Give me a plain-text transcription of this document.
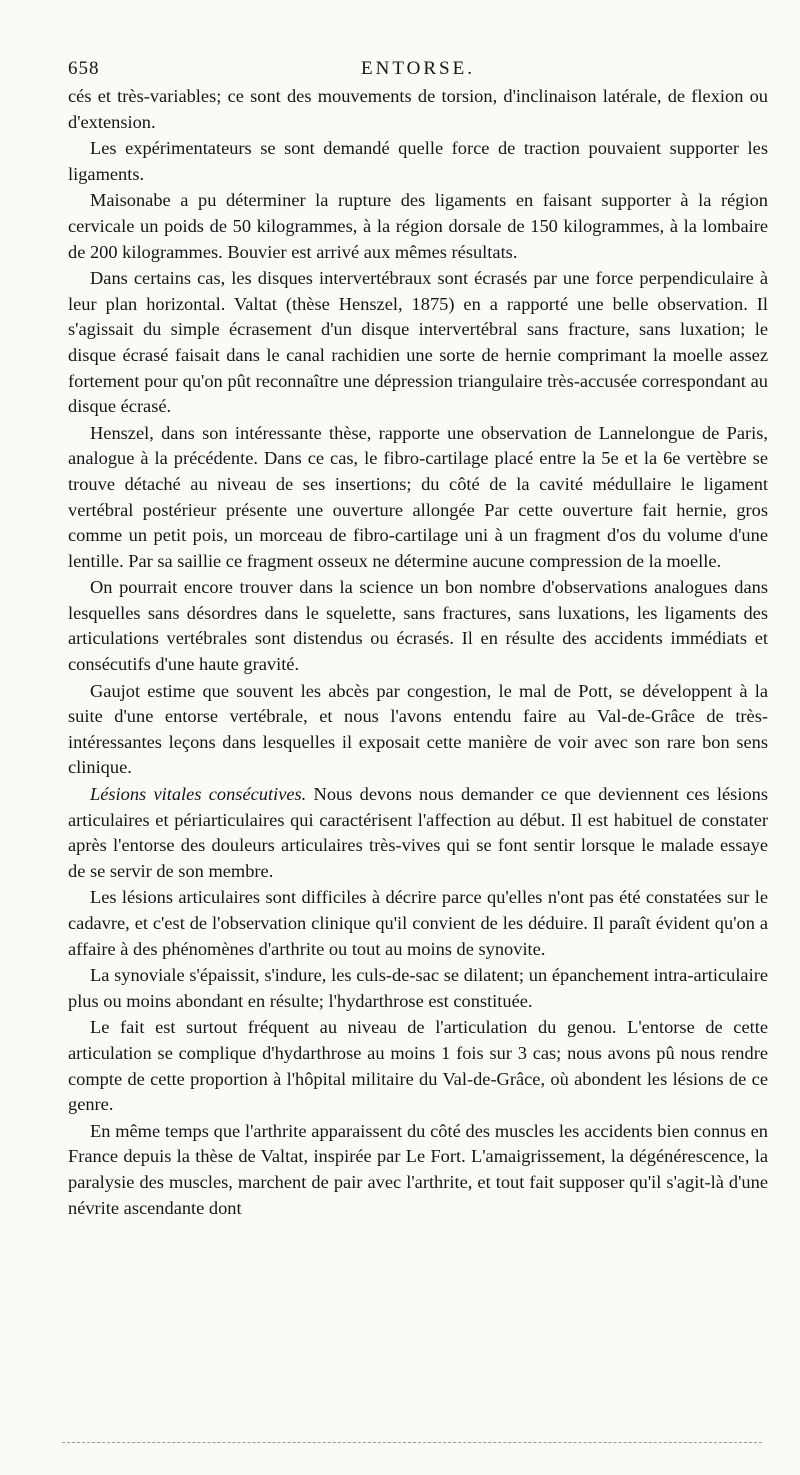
658	ENTORSE.

cés et très-variables; ce sont des mouvements de torsion, d'inclinaison latérale, de flexion ou d'extension.

Les expérimentateurs se sont demandé quelle force de traction pouvaient supporter les ligaments.

Maisonabe a pu déterminer la rupture des ligaments en faisant supporter à la région cervicale un poids de 50 kilogrammes, à la région dorsale de 150 kilogrammes, à la lombaire de 200 kilogrammes. Bouvier est arrivé aux mêmes résultats.

Dans certains cas, les disques intervertébraux sont écrasés par une force perpendiculaire à leur plan horizontal. Valtat (thèse Henszel, 1875) en a rapporté une belle observation. Il s'agissait du simple écrasement d'un disque intervertébral sans fracture, sans luxation; le disque écrasé faisait dans le canal rachidien une sorte de hernie comprimant la moelle assez fortement pour qu'on pût reconnaître une dépression triangulaire très-accusée correspondant au disque écrasé.

Henszel, dans son intéressante thèse, rapporte une observation de Lannelongue de Paris, analogue à la précédente. Dans ce cas, le fibro-cartilage placé entre la 5e et la 6e vertèbre se trouve détaché au niveau de ses insertions; du côté de la cavité médullaire le ligament vertébral postérieur présente une ouverture allongée Par cette ouverture fait hernie, gros comme un petit pois, un morceau de fibro-cartilage uni à un fragment d'os du volume d'une lentille. Par sa saillie ce fragment osseux ne détermine aucune compression de la moelle.

On pourrait encore trouver dans la science un bon nombre d'observations analogues dans lesquelles sans désordres dans le squelette, sans fractures, sans luxations, les ligaments des articulations vertébrales sont distendus ou écrasés. Il en résulte des accidents immédiats et consécutifs d'une haute gravité.

Gaujot estime que souvent les abcès par congestion, le mal de Pott, se développent à la suite d'une entorse vertébrale, et nous l'avons entendu faire au Val-de-Grâce de très-intéressantes leçons dans lesquelles il exposait cette manière de voir avec son rare bon sens clinique.

Lésions vitales consécutives. Nous devons nous demander ce que deviennent ces lésions articulaires et périarticulaires qui caractérisent l'affection au début. Il est habituel de constater après l'entorse des douleurs articulaires très-vives qui se font sentir lorsque le malade essaye de se servir de son membre.

Les lésions articulaires sont difficiles à décrire parce qu'elles n'ont pas été constatées sur le cadavre, et c'est de l'observation clinique qu'il convient de les déduire. Il paraît évident qu'on a affaire à des phénomènes d'arthrite ou tout au moins de synovite.

La synoviale s'épaissit, s'indure, les culs-de-sac se dilatent; un épanchement intra-articulaire plus ou moins abondant en résulte; l'hydarthrose est constituée.

Le fait est surtout fréquent au niveau de l'articulation du genou. L'entorse de cette articulation se complique d'hydarthrose au moins 1 fois sur 3 cas; nous avons pû nous rendre compte de cette proportion à l'hôpital militaire du Val-de-Grâce, où abondent les lésions de ce genre.

En même temps que l'arthrite apparaissent du côté des muscles les accidents bien connus en France depuis la thèse de Valtat, inspirée par Le Fort. L'amaigrissement, la dégénérescence, la paralysie des muscles, marchent de pair avec l'arthrite, et tout fait supposer qu'il s'agit-là d'une névrite ascendante dont
